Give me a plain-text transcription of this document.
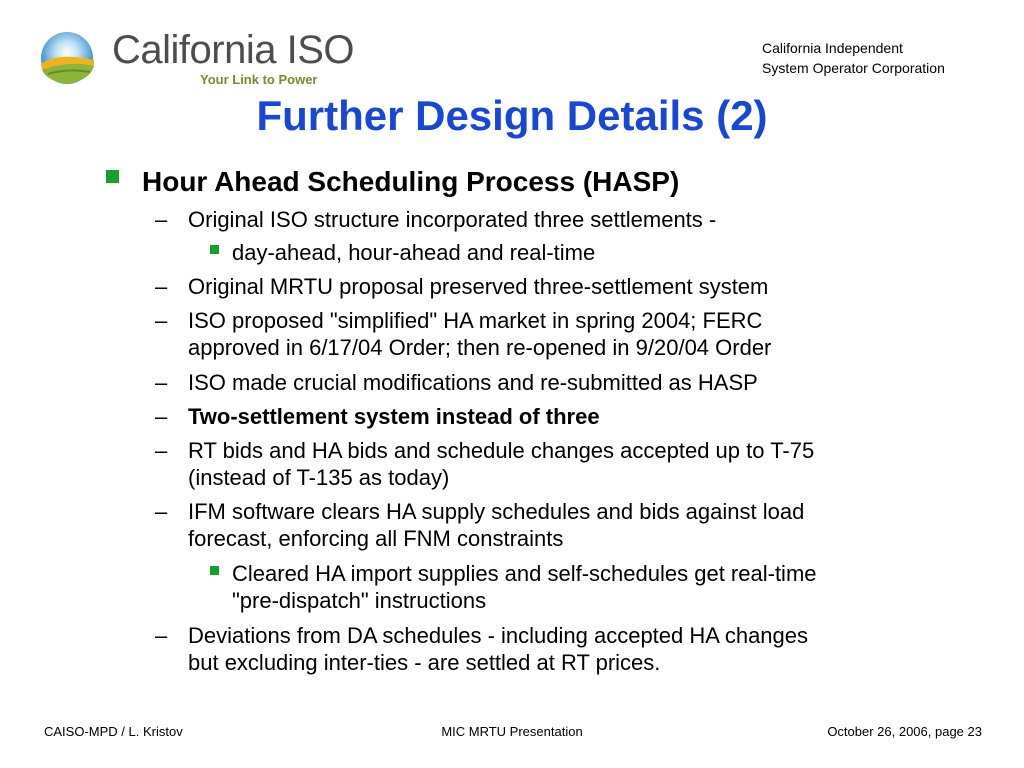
California ISO
Your Link to Power
California Independent
System Operator Corporation
Further Design Details (2)
Hour Ahead Scheduling Process (HASP)
– Original ISO structure incorporated three settlements -
day-ahead, hour-ahead and real-time
– Original MRTU proposal preserved three-settlement system
– ISO proposed "simplified" HA market in spring 2004; FERC
approved in 6/17/04 Order; then re-opened in 9/20/04 Order
– ISO made crucial modifications and re-submitted as HASP
– Two-settlement system instead of three
– RT bids and HA bids and schedule changes accepted up to T-75
(instead of T-135 as today)
– IFM software clears HA supply schedules and bids against load
forecast, enforcing all FNM constraints
Cleared HA import supplies and self-schedules get real-time
"pre-dispatch" instructions
– Deviations from DA schedules - including accepted HA changes
but excluding inter-ties - are settled at RT prices.
CAISO-MPD / L. Kristov	MIC MRTU Presentation	October 26, 2006, page 23
